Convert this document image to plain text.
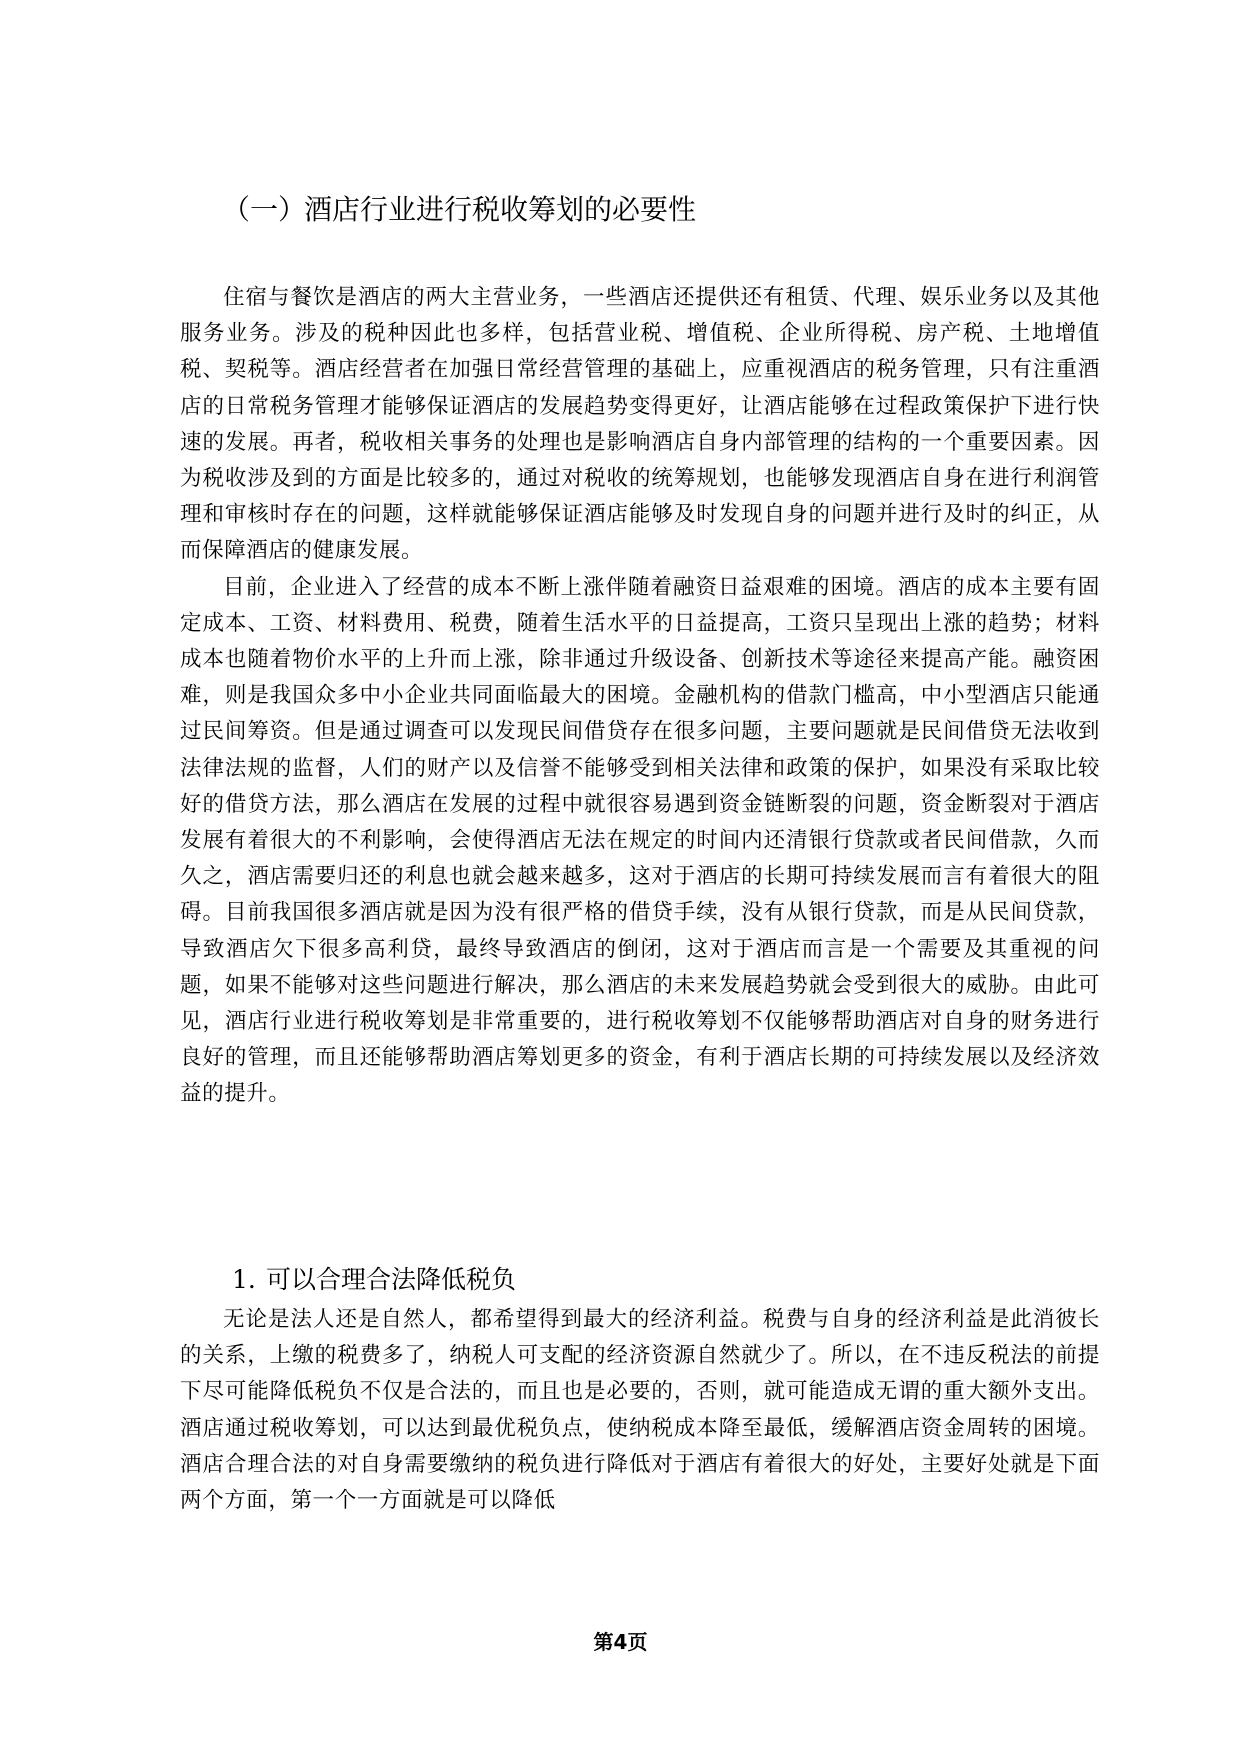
（一）酒店行业进行税收筹划的必要性

住宿与餐饮是酒店的两大主营业务，一些酒店还提供还有租赁、代理、娱乐业务以及其他服务业务。涉及的税种因此也多样，包括营业税、增值税、企业所得税、房产税、土地增值税、契税等。酒店经营者在加强日常经营管理的基础上，应重视酒店的税务管理，只有注重酒店的日常税务管理才能够保证酒店的发展趋势变得更好，让酒店能够在过程政策保护下进行快速的发展。再者，税收相关事务的处理也是影响酒店自身内部管理的结构的一个重要因素。因为税收涉及到的方面是比较多的，通过对税收的统筹规划，也能够发现酒店自身在进行利润管理和审核时存在的问题，这样就能够保证酒店能够及时发现自身的问题并进行及时的纠正，从而保障酒店的健康发展。

目前，企业进入了经营的成本不断上涨伴随着融资日益艰难的困境。酒店的成本主要有固定成本、工资、材料费用、税费，随着生活水平的日益提高，工资只呈现出上涨的趋势；材料成本也随着物价水平的上升而上涨，除非通过升级设备、创新技术等途径来提高产能。融资困难，则是我国众多中小企业共同面临最大的困境。金融机构的借款门槛高，中小型酒店只能通过民间筹资。但是通过调查可以发现民间借贷存在很多问题，主要问题就是民间借贷无法收到法律法规的监督，人们的财产以及信誉不能够受到相关法律和政策的保护，如果没有采取比较好的借贷方法，那么酒店在发展的过程中就很容易遇到资金链断裂的问题，资金断裂对于酒店发展有着很大的不利影响，会使得酒店无法在规定的时间内还清银行贷款或者民间借款，久而久之，酒店需要归还的利息也就会越来越多，这对于酒店的长期可持续发展而言有着很大的阻碍。目前我国很多酒店就是因为没有很严格的借贷手续，没有从银行贷款，而是从民间贷款，导致酒店欠下很多高利贷，最终导致酒店的倒闭，这对于酒店而言是一个需要及其重视的问题，如果不能够对这些问题进行解决，那么酒店的未来发展趋势就会受到很大的威胁。由此可见，酒店行业进行税收筹划是非常重要的，进行税收筹划不仅能够帮助酒店对自身的财务进行良好的管理，而且还能够帮助酒店筹划更多的资金，有利于酒店长期的可持续发展以及经济效益的提升。

1. 可以合理合法降低税负

无论是法人还是自然人，都希望得到最大的经济利益。税费与自身的经济利益是此消彼长的关系，上缴的税费多了，纳税人可支配的经济资源自然就少了。所以，在不违反税法的前提下尽可能降低税负不仅是合法的，而且也是必要的，否则，就可能造成无谓的重大额外支出。酒店通过税收筹划，可以达到最优税负点，使纳税成本降至最低，缓解酒店资金周转的困境。酒店合理合法的对自身需要缴纳的税负进行降低对于酒店有着很大的好处，主要好处就是下面两个方面，第一个一方面就是可以降低

第4页
